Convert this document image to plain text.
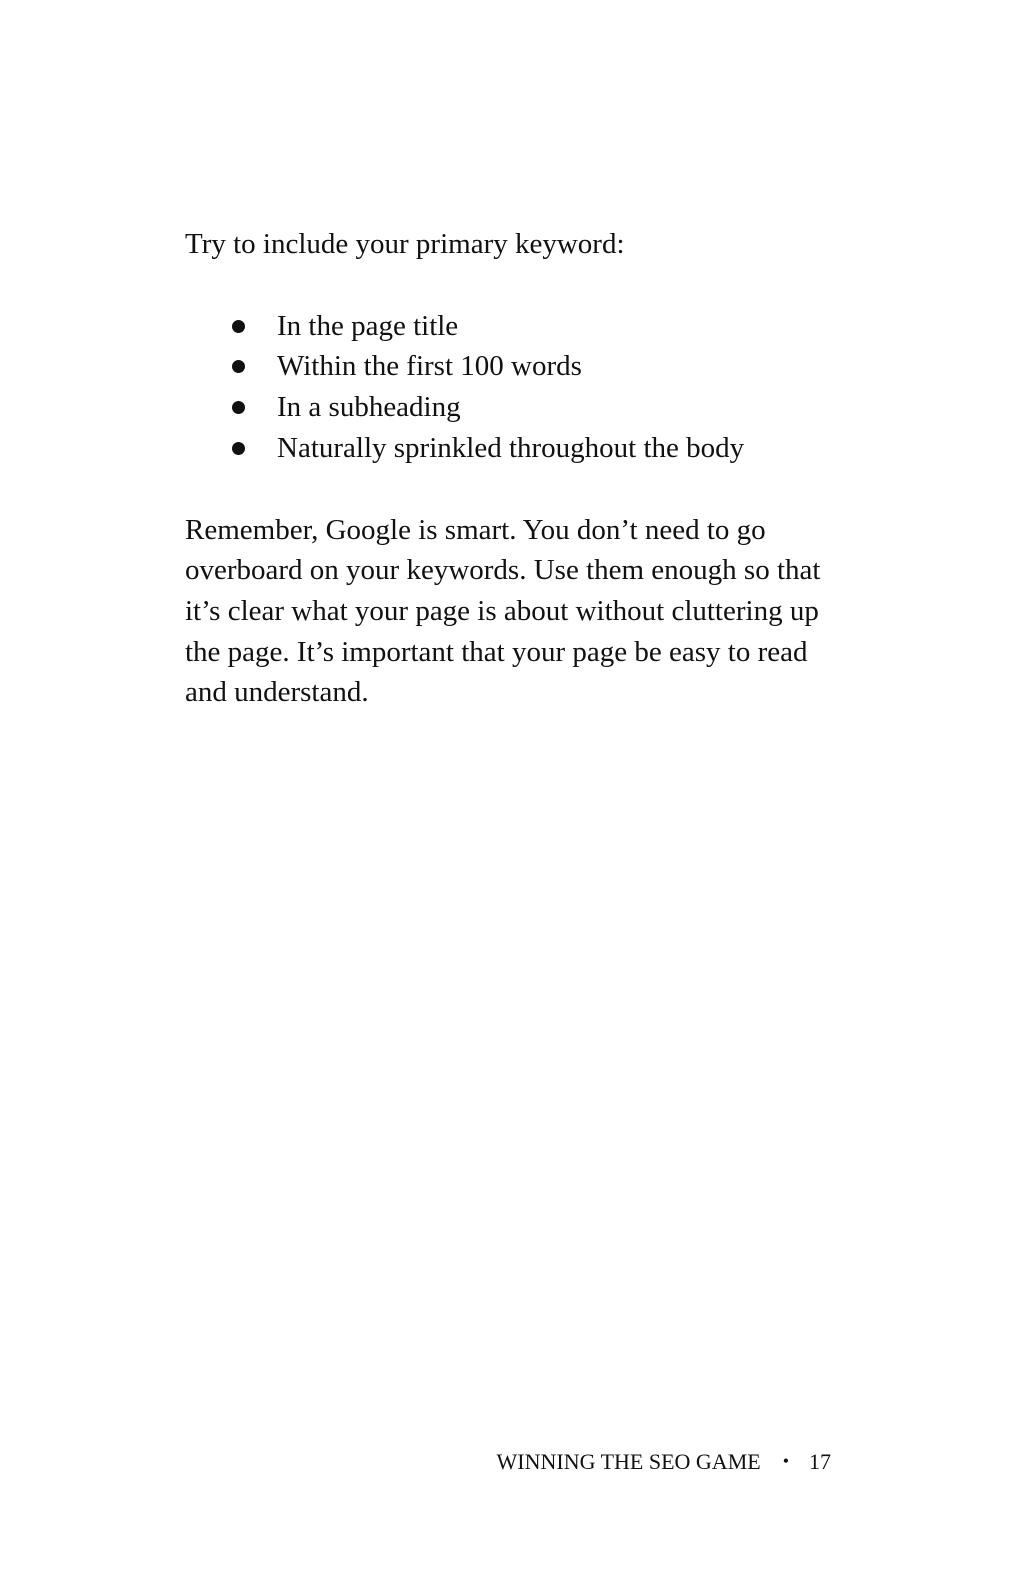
Try to include your primary keyword:

In the page title
Within the first 100 words
In a subheading
Naturally sprinkled throughout the body

Remember, Google is smart. You don’t need to go overboard on your keywords. Use them enough so that it’s clear what your page is about without cluttering up the page. It’s important that your page be easy to read and understand.

WINNING THE SEO GAME • 17
